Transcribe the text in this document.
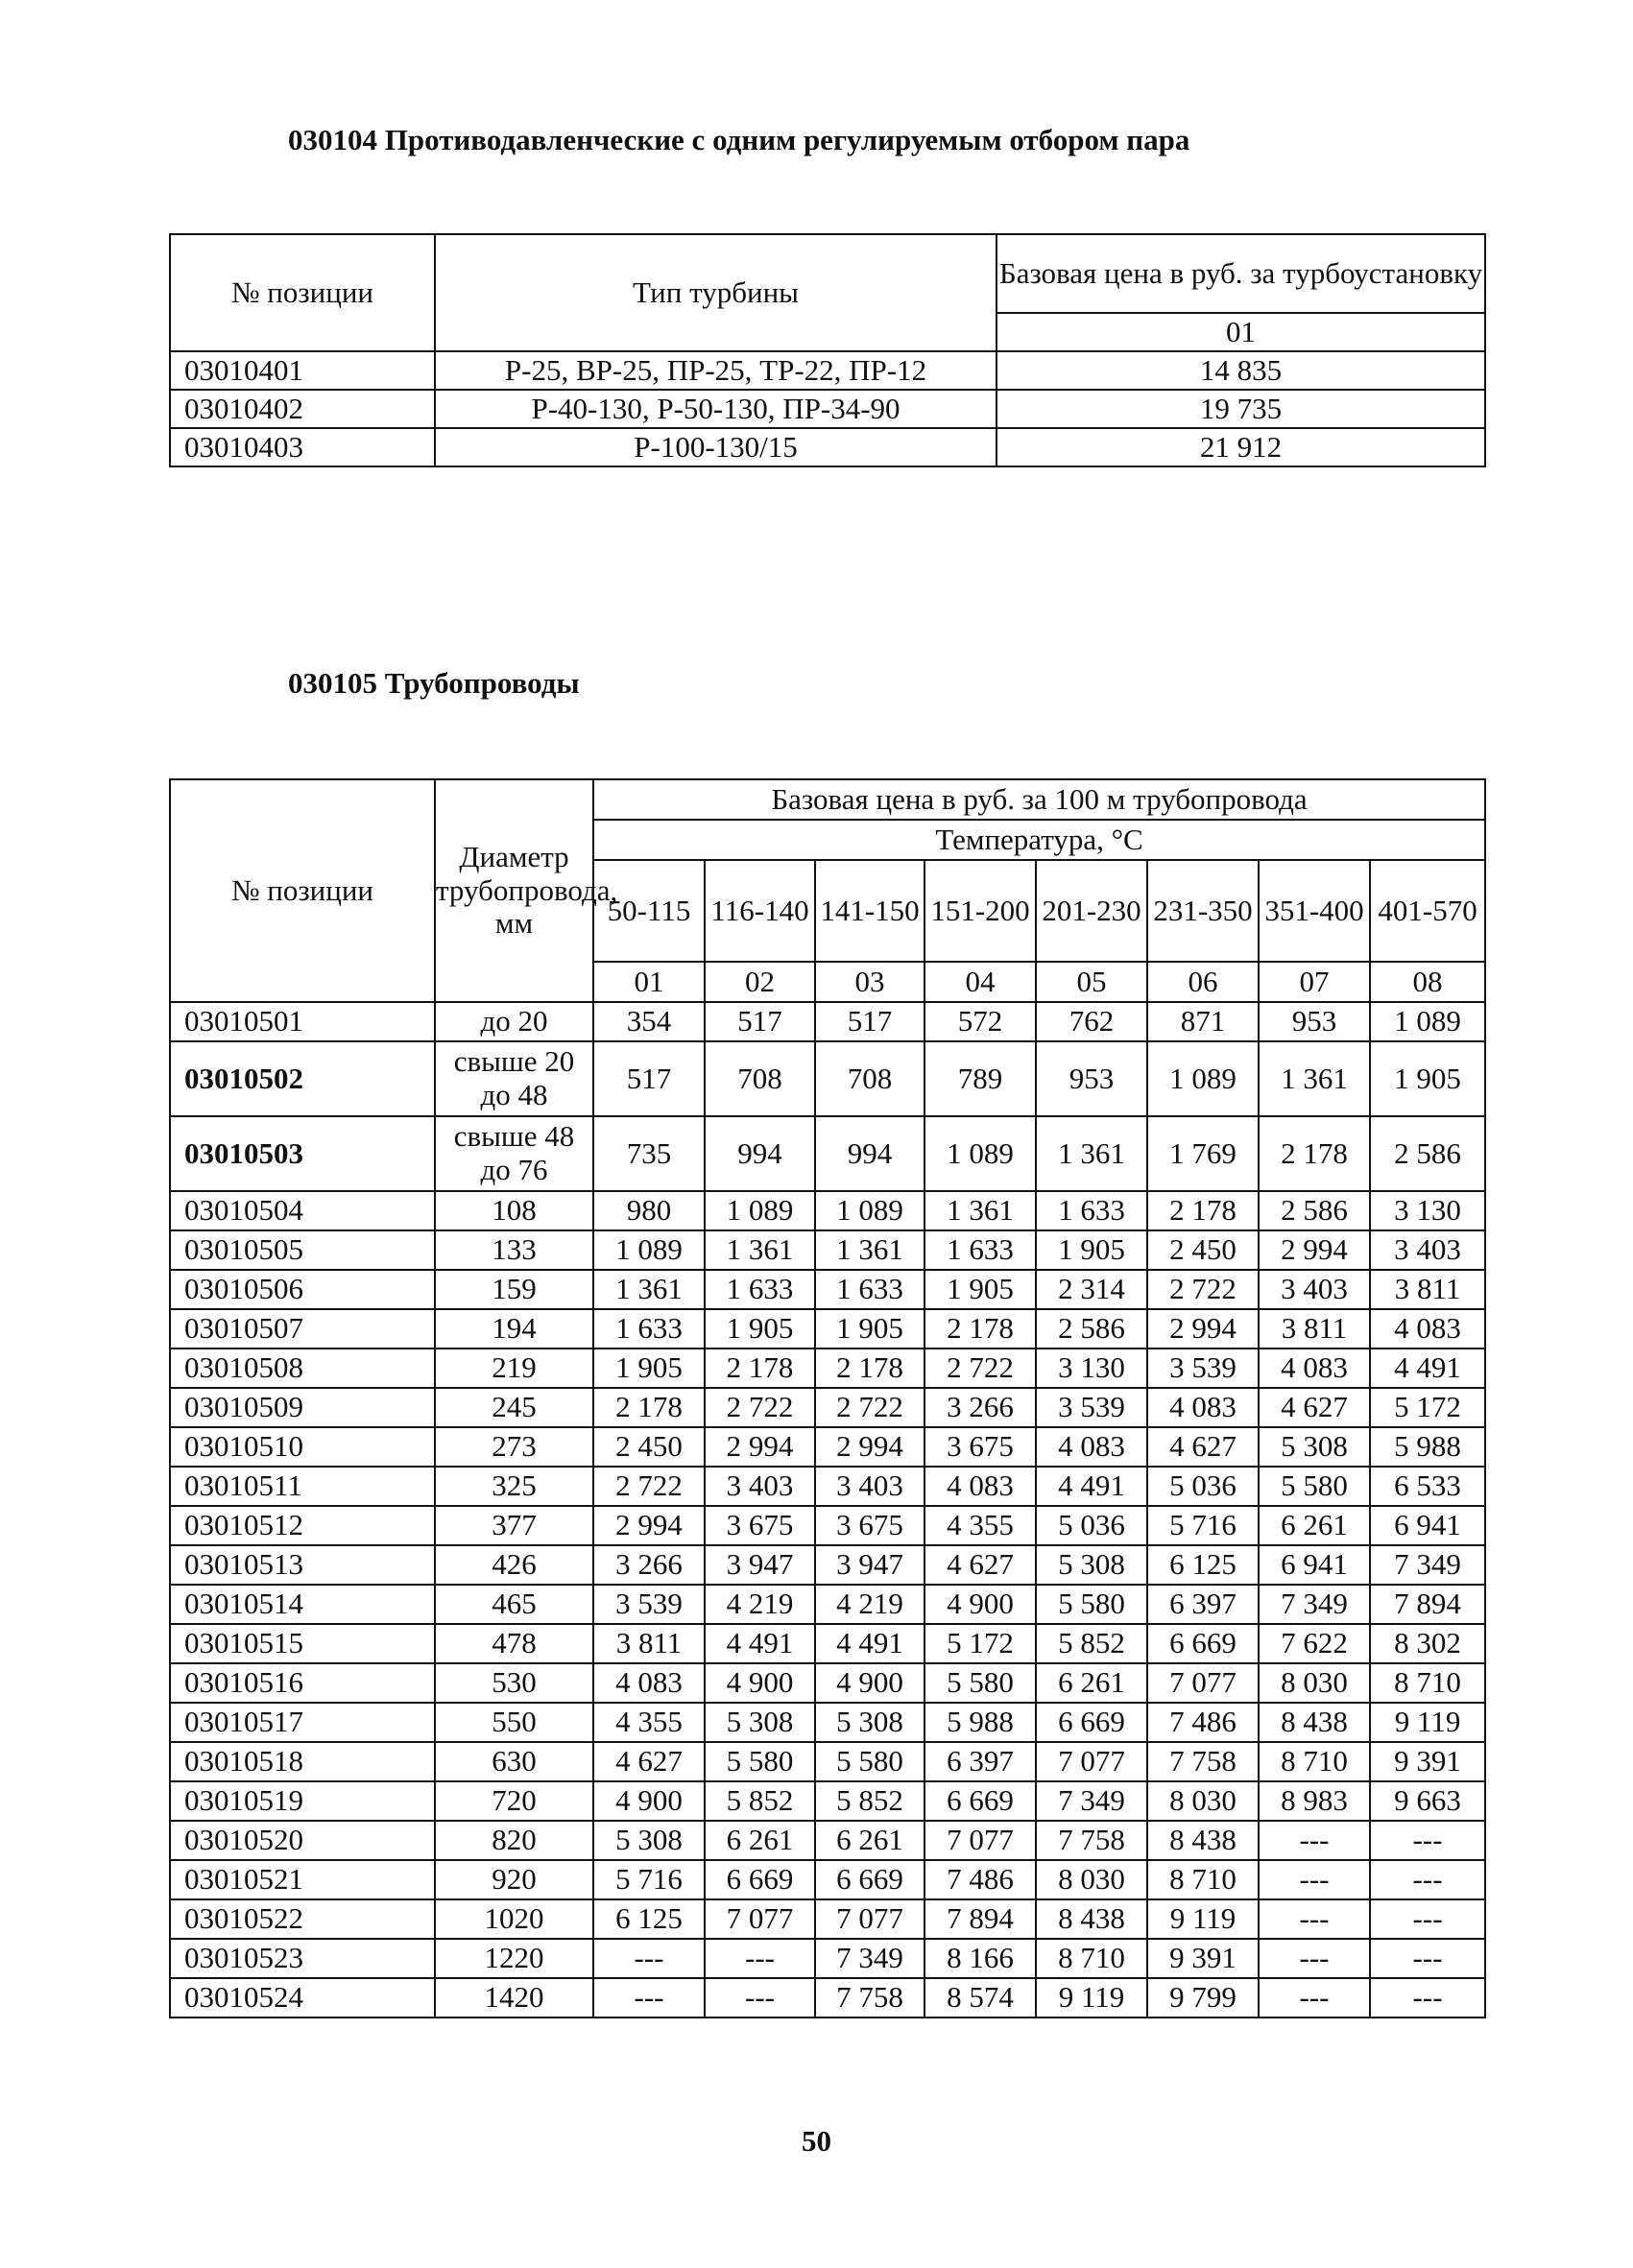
030104 Противодавленческие с одним регулируемым отбором пара
№ позиции	Тип турбины	Базовая цена в руб. за турбоустановку
		01
03010401	Р-25, ВР-25, ПР-25, ТР-22, ПР-12	14 835
03010402	Р-40-130, Р-50-130, ПР-34-90	19 735
03010403	Р-100-130/15	21 912
030105 Трубопроводы
№ позиции	Диаметр трубопровода, мм	Базовая цена в руб. за 100 м трубопровода							
		Температура, °С							
		50-115	116-140	141-150	151-200	201-230	231-350	351-400	401-570
		01	02	03	04	05	06	07	08
03010501	до 20	354	517	517	572	762	871	953	1 089
03010502	свыше 20 до 48	517	708	708	789	953	1 089	1 361	1 905
03010503	свыше 48 до 76	735	994	994	1 089	1 361	1 769	2 178	2 586
03010504	108	980	1 089	1 089	1 361	1 633	2 178	2 586	3 130
03010505	133	1 089	1 361	1 361	1 633	1 905	2 450	2 994	3 403
03010506	159	1 361	1 633	1 633	1 905	2 314	2 722	3 403	3 811
03010507	194	1 633	1 905	1 905	2 178	2 586	2 994	3 811	4 083
03010508	219	1 905	2 178	2 178	2 722	3 130	3 539	4 083	4 491
03010509	245	2 178	2 722	2 722	3 266	3 539	4 083	4 627	5 172
03010510	273	2 450	2 994	2 994	3 675	4 083	4 627	5 308	5 988
03010511	325	2 722	3 403	3 403	4 083	4 491	5 036	5 580	6 533
03010512	377	2 994	3 675	3 675	4 355	5 036	5 716	6 261	6 941
03010513	426	3 266	3 947	3 947	4 627	5 308	6 125	6 941	7 349
03010514	465	3 539	4 219	4 219	4 900	5 580	6 397	7 349	7 894
03010515	478	3 811	4 491	4 491	5 172	5 852	6 669	7 622	8 302
03010516	530	4 083	4 900	4 900	5 580	6 261	7 077	8 030	8 710
03010517	550	4 355	5 308	5 308	5 988	6 669	7 486	8 438	9 119
03010518	630	4 627	5 580	5 580	6 397	7 077	7 758	8 710	9 391
03010519	720	4 900	5 852	5 852	6 669	7 349	8 030	8 983	9 663
03010520	820	5 308	6 261	6 261	7 077	7 758	8 438	---	---
03010521	920	5 716	6 669	6 669	7 486	8 030	8 710	---	---
03010522	1020	6 125	7 077	7 077	7 894	8 438	9 119	---	---
03010523	1220	---	---	7 349	8 166	8 710	9 391	---	---
03010524	1420	---	---	7 758	8 574	9 119	9 799	---	---
50
